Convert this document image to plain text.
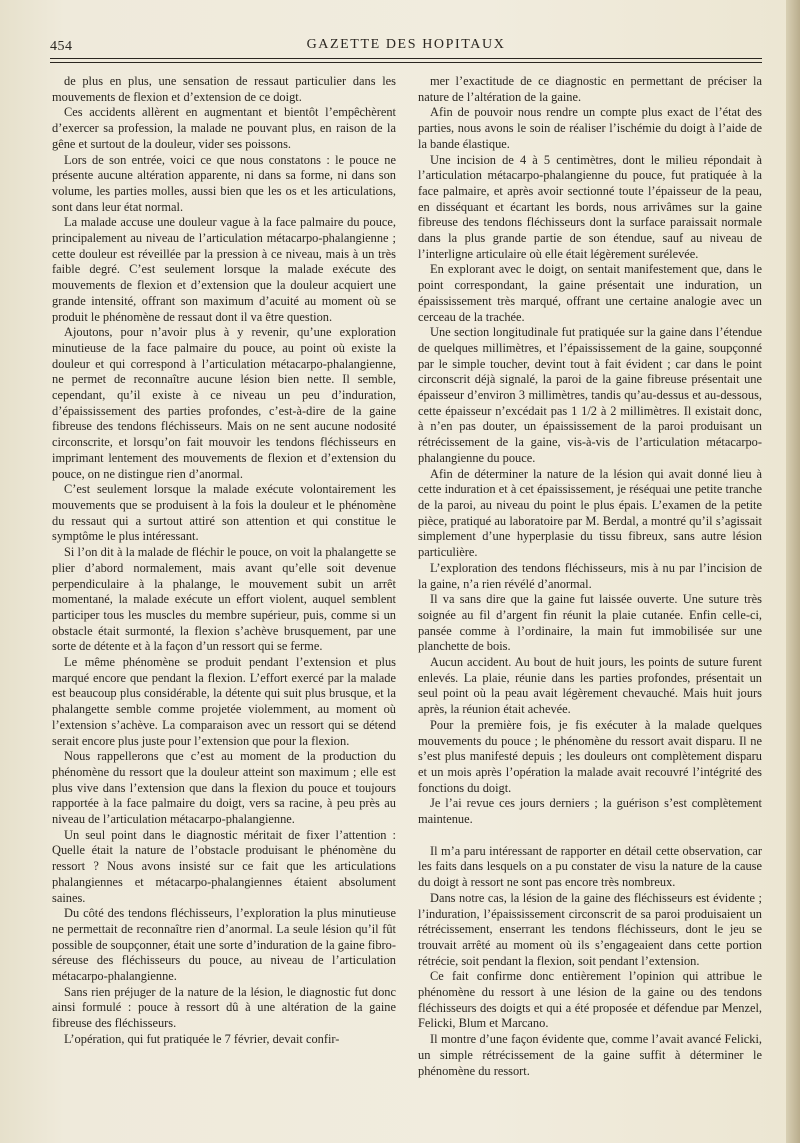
454	GAZETTE DES HOPITAUX

de plus en plus, une sensation de ressaut particulier dans les mouvements de flexion et d’extension de ce doigt.

Ces accidents allèrent en augmentant et bientôt l’empêchèrent d’exercer sa profession, la malade ne pouvant plus, en raison de la gêne et surtout de la douleur, vider ses poissons.

Lors de son entrée, voici ce que nous constatons : le pouce ne présente aucune altération apparente, ni dans sa forme, ni dans son volume, les parties molles, aussi bien que les os et les articulations, sont dans leur état normal.

La malade accuse une douleur vague à la face palmaire du pouce, principalement au niveau de l’articulation métacarpo-phalangienne ; cette douleur est réveillée par la pression à ce niveau, mais à un très faible degré. C’est seulement lorsque la malade exécute des mouvements de flexion et d’extension que la douleur acquiert une grande intensité, offrant son maximum d’acuité au moment où se produit le phénomène de ressaut dont il va être question.

Ajoutons, pour n’avoir plus à y revenir, qu’une exploration minutieuse de la face palmaire du pouce, au point où existe la douleur et qui correspond à l’articulation métacarpo-phalangienne, ne permet de reconnaître aucune lésion bien nette. Il semble, cependant, qu’il existe à ce niveau un peu d’induration, d’épaississement des parties profondes, c’est-à-dire de la gaine fibreuse des tendons fléchisseurs. Mais on ne sent aucune nodosité circonscrite, et lorsqu’on fait mouvoir les tendons fléchisseurs en imprimant lentement des mouvements de flexion et d’extension du pouce, on ne distingue rien d’anormal.

C’est seulement lorsque la malade exécute volontairement les mouvements que se produisent à la fois la douleur et le phénomène du ressaut qui a surtout attiré son attention et qui constitue le symptôme le plus intéressant.

Si l’on dit à la malade de fléchir le pouce, on voit la phalangette se plier d’abord normalement, mais avant qu’elle soit devenue perpendiculaire à la phalange, le mouvement subit un arrêt momentané, la malade exécute un effort violent, auquel semblent participer tous les muscles du membre supérieur, puis, comme si un obstacle était surmonté, la flexion s’achève brusquement, par une sorte de détente et à la façon d’un ressort qui se ferme.

Le même phénomène se produit pendant l’extension et plus marqué encore que pendant la flexion. L’effort exercé par la malade est beaucoup plus considérable, la détente qui suit plus brusque, et la phalangette semble comme projetée violemment, au moment où l’extension s’achève. La comparaison avec un ressort qui se détend serait encore plus juste pour l’extension que pour la flexion.

Nous rappellerons que c’est au moment de la production du phénomène du ressort que la douleur atteint son maximum ; elle est plus vive dans l’extension que dans la flexion du pouce et toujours rapportée à la face palmaire du doigt, vers sa racine, à peu près au niveau de l’articulation métacarpo-phalangienne.

Un seul point dans le diagnostic méritait de fixer l’attention : Quelle était la nature de l’obstacle produisant le phénomène du ressort ? Nous avons insisté sur ce fait que les articulations phalangiennes et métacarpo-phalangiennes étaient absolument saines.

Du côté des tendons fléchisseurs, l’exploration la plus minutieuse ne permettait de reconnaître rien d’anormal. La seule lésion qu’il fût possible de soupçonner, était une sorte d’induration de la gaine fibro-séreuse des fléchisseurs du pouce, au niveau de l’articulation métacarpo-phalangienne.

Sans rien préjuger de la nature de la lésion, le diagnostic fut donc ainsi formulé : pouce à ressort dû à une altération de la gaine fibreuse des fléchisseurs.

L’opération, qui fut pratiquée le 7 février, devait confir-

mer l’exactitude de ce diagnostic en permettant de préciser la nature de l’altération de la gaine.

Afin de pouvoir nous rendre un compte plus exact de l’état des parties, nous avons le soin de réaliser l’ischémie du doigt à l’aide de la bande élastique.

Une incision de 4 à 5 centimètres, dont le milieu répondait à l’articulation métacarpo-phalangienne du pouce, fut pratiquée à la face palmaire, et après avoir sectionné toute l’épaisseur de la peau, en disséquant et écartant les bords, nous arrivâmes sur la gaine fibreuse des tendons fléchisseurs dont la surface paraissait normale dans la plus grande partie de son étendue, sauf au niveau de l’interligne articulaire où elle était légèrement surélevée.

En explorant avec le doigt, on sentait manifestement que, dans le point correspondant, la gaine présentait une induration, un épaississement très marqué, offrant une certaine analogie avec un cerceau de la trachée.

Une section longitudinale fut pratiquée sur la gaine dans l’étendue de quelques millimètres, et l’épaississement de la gaine, soupçonné par le simple toucher, devint tout à fait évident ; car dans le point circonscrit déjà signalé, la paroi de la gaine fibreuse présentait une épaisseur d’environ 3 millimètres, tandis qu’au-dessus et au-dessous, cette épaisseur n’excédait pas 1 1/2 à 2 millimètres. Il existait donc, à n’en pas douter, un épaississement de la paroi produisant un rétrécissement de la gaine, vis-à-vis de l’articulation métacarpo-phalangienne du pouce.

Afin de déterminer la nature de la lésion qui avait donné lieu à cette induration et à cet épaississement, je réséquai une petite tranche de la paroi, au niveau du point le plus épais. L’examen de la petite pièce, pratiqué au laboratoire par M. Berdal, a montré qu’il s’agissait simplement d’une hyperplasie du tissu fibreux, sans autre lésion particulière.

L’exploration des tendons fléchisseurs, mis à nu par l’incision de la gaine, n’a rien révélé d’anormal.

Il va sans dire que la gaine fut laissée ouverte. Une suture très soignée au fil d’argent fin réunit la plaie cutanée. Enfin celle-ci, pansée comme à l’ordinaire, la main fut immobilisée sur une planchette de bois.

Aucun accident. Au bout de huit jours, les points de suture furent enlevés. La plaie, réunie dans les parties profondes, présentait un seul point où la peau avait légèrement chevauché. Mais huit jours après, la réunion était achevée.

Pour la première fois, je fis exécuter à la malade quelques mouvements du pouce ; le phénomène du ressort avait disparu. Il ne s’est plus manifesté depuis ; les douleurs ont complètement disparu et un mois après l’opération la malade avait recouvré l’intégrité des fonctions du doigt.

Je l’ai revue ces jours derniers ; la guérison s’est complètement maintenue.

Il m’a paru intéressant de rapporter en détail cette observation, car les faits dans lesquels on a pu constater de visu la nature de la cause du doigt à ressort ne sont pas encore très nombreux.

Dans notre cas, la lésion de la gaine des fléchisseurs est évidente ; l’induration, l’épaississement circonscrit de sa paroi produisaient un rétrécissement, enserrant les tendons fléchisseurs, dont le jeu se trouvait arrêté au moment où ils s’engageaient dans cette portion rétrécie, soit pendant la flexion, soit pendant l’extension.

Ce fait confirme donc entièrement l’opinion qui attribue le phénomène du ressort à une lésion de la gaine ou des tendons fléchisseurs des doigts et qui a été proposée et défendue par Menzel, Felicki, Blum et Marcano.

Il montre d’une façon évidente que, comme l’avait avancé Felicki, un simple rétrécissement de la gaine suffit à déterminer le phénomène du ressort.
